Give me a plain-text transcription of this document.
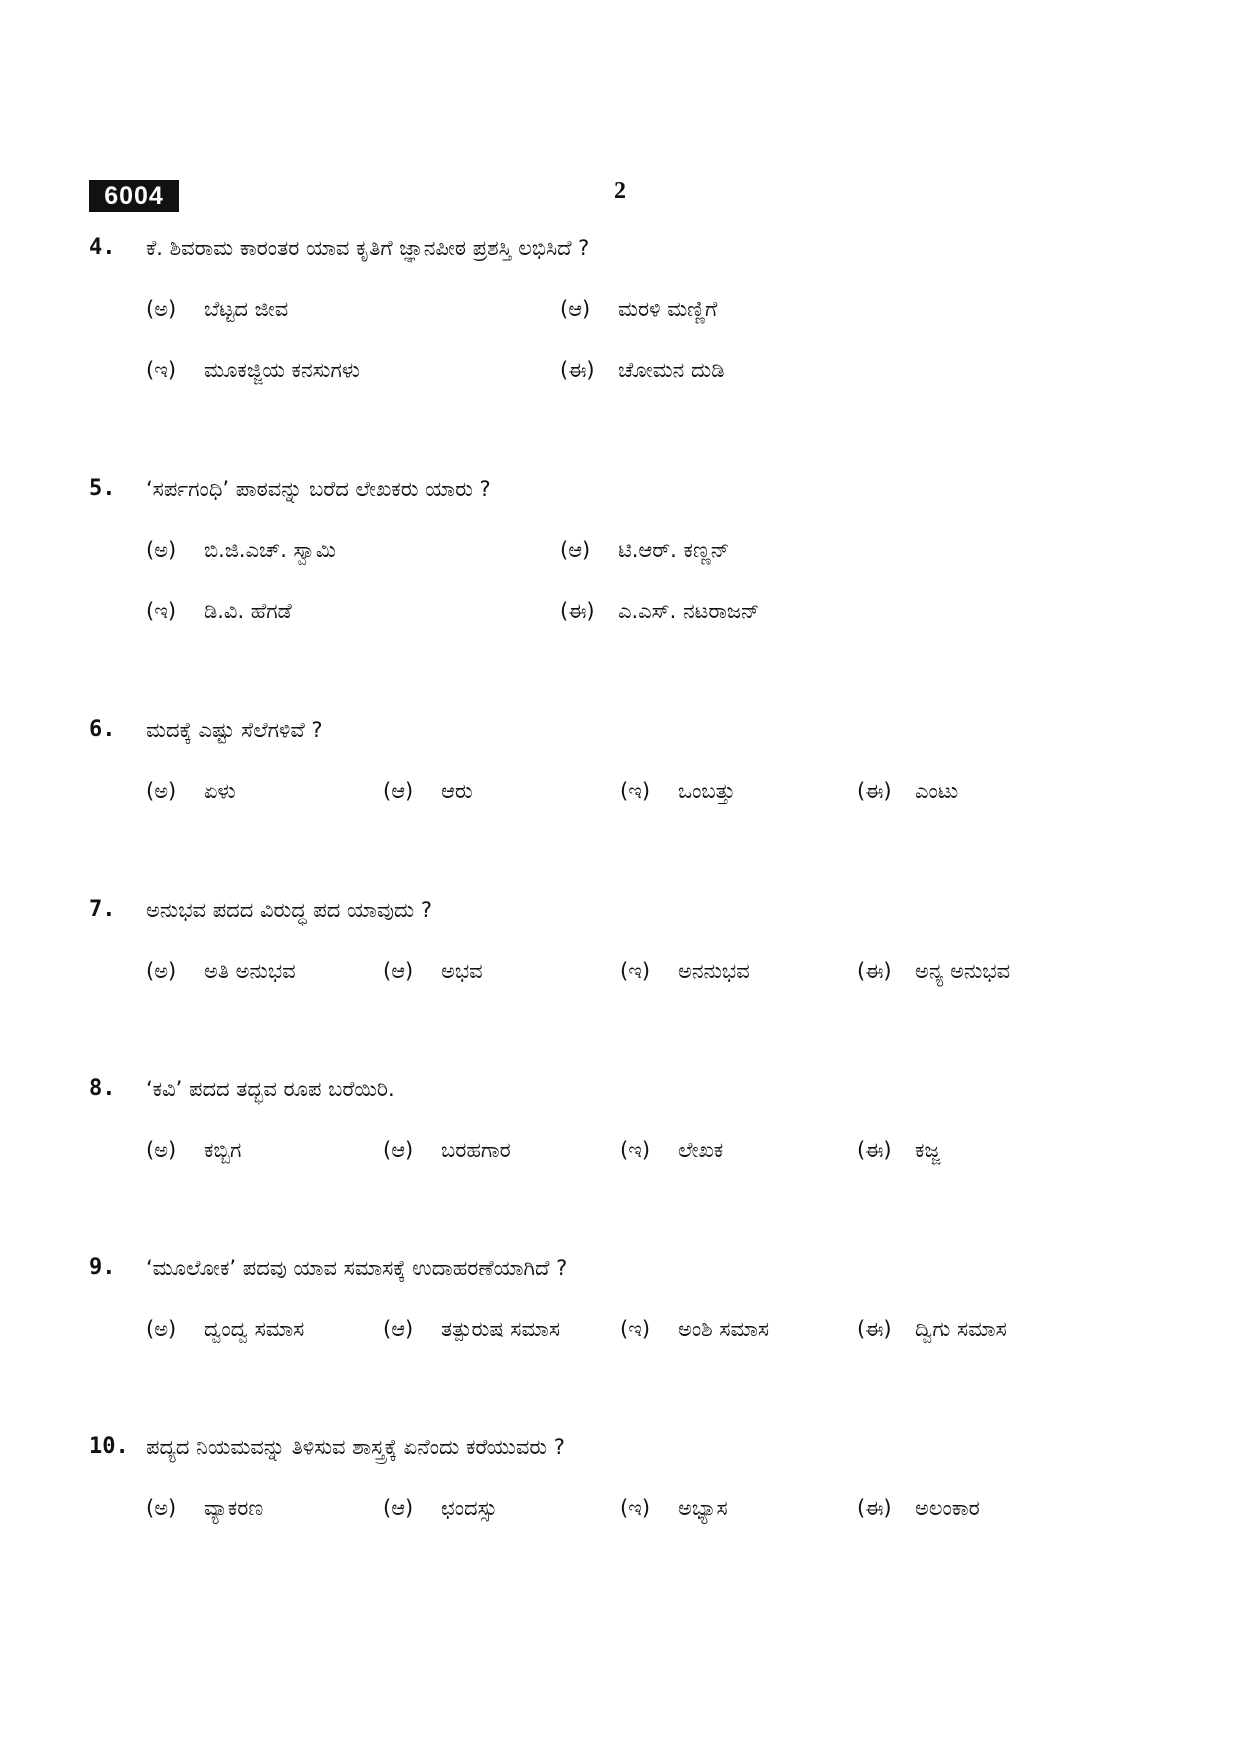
6004	2
4. ಕೆ. ಶಿವರಾಮ ಕಾರಂತರ ಯಾವ ಕೃತಿಗೆ ಜ್ಞಾನಪೀಠ ಪ್ರಶಸ್ತಿ ಲಭಿಸಿದೆ ?
(ಅ) ಬೆಟ್ಟದ ಜೀವ	(ಆ) ಮರಳಿ ಮಣ್ಣಿಗೆ
(ಇ) ಮೂಕಜ್ಜಿಯ ಕನಸುಗಳು	(ಈ) ಚೋಮನ ದುಡಿ
5. ‘ಸರ್ಪಗಂಧಿ’ ಪಾಠವನ್ನು ಬರೆದ ಲೇಖಕರು ಯಾರು ?
(ಅ) ಬಿ.ಜಿ.ಎಚ್. ಸ್ವಾಮಿ	(ಆ) ಟಿ.ಆರ್. ಕಣ್ಣನ್
(ಇ) ಡಿ.ವಿ. ಹೆಗಡೆ	(ಈ) ಎ.ಎಸ್. ನಟರಾಜನ್
6. ಮದಕ್ಕೆ ಎಷ್ಟು ಸೆಲೆಗಳಿವೆ ?
(ಅ) ಏಳು	(ಆ) ಆರು	(ಇ) ಒಂಬತ್ತು	(ಈ) ಎಂಟು
7. ಅನುಭವ ಪದದ ವಿರುದ್ಧ ಪದ ಯಾವುದು ?
(ಅ) ಅತಿ ಅನುಭವ	(ಆ) ಅಭವ	(ಇ) ಅನನುಭವ	(ಈ) ಅನ್ಯ ಅನುಭವ
8. ‘ಕವಿ’ ಪದದ ತದ್ಭವ ರೂಪ ಬರೆಯಿರಿ.
(ಅ) ಕಬ್ಬಿಗ	(ಆ) ಬರಹಗಾರ	(ಇ) ಲೇಖಕ	(ಈ) ಕಜ್ಜ
9. ‘ಮೂಲೋಕ’ ಪದವು ಯಾವ ಸಮಾಸಕ್ಕೆ ಉದಾಹರಣೆಯಾಗಿದೆ ?
(ಅ) ದ್ವಂದ್ವ ಸಮಾಸ	(ಆ) ತತ್ಪುರುಷ ಸಮಾಸ	(ಇ) ಅಂಶಿ ಸಮಾಸ	(ಈ) ದ್ವಿಗು ಸಮಾಸ
10. ಪದ್ಯದ ನಿಯಮವನ್ನು ತಿಳಿಸುವ ಶಾಸ್ತ್ರಕ್ಕೆ ಏನೆಂದು ಕರೆಯುವರು ?
(ಅ) ವ್ಯಾಕರಣ	(ಆ) ಛಂದಸ್ಸು	(ಇ) ಅಭ್ಯಾಸ	(ಈ) ಅಲಂಕಾರ
